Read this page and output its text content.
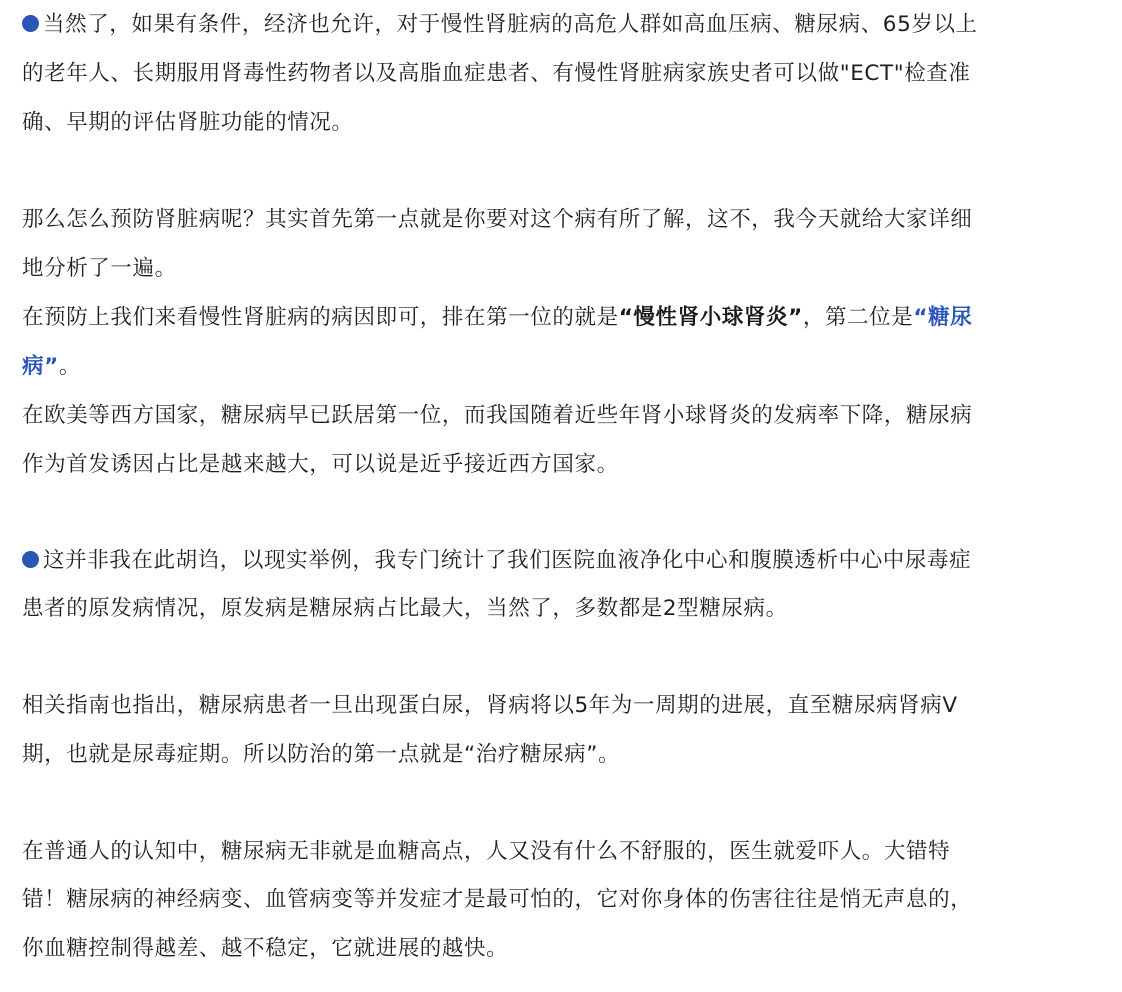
当然了，如果有条件，经济也允许，对于慢性肾脏病的高危人群如高血压病、糖尿病、65岁以上
的老年人、长期服用肾毒性药物者以及高脂血症患者、有慢性肾脏病家族史者可以做"ECT"检查准
确、早期的评估肾脏功能的情况。
那么怎么预防肾脏病呢？其实首先第一点就是你要对这个病有所了解，这不，我今天就给大家详细
地分析了一遍。
在预防上我们来看慢性肾脏病的病因即可，排在第一位的就是“慢性肾小球肾炎”，第二位是“糖尿
病”。
在欧美等西方国家，糖尿病早已跃居第一位，而我国随着近些年肾小球肾炎的发病率下降，糖尿病
作为首发诱因占比是越来越大，可以说是近乎接近西方国家。
这并非我在此胡诌，以现实举例，我专门统计了我们医院血液净化中心和腹膜透析中心中尿毒症
患者的原发病情况，原发病是糖尿病占比最大，当然了，多数都是2型糖尿病。
相关指南也指出，糖尿病患者一旦出现蛋白尿，肾病将以5年为一周期的进展，直至糖尿病肾病V
期，也就是尿毒症期。所以防治的第一点就是“治疗糖尿病”。
在普通人的认知中，糖尿病无非就是血糖高点，人又没有什么不舒服的，医生就爱吓人。大错特
错！糖尿病的神经病变、血管病变等并发症才是最可怕的，它对你身体的伤害往往是悄无声息的，
你血糖控制得越差、越不稳定，它就进展的越快。
